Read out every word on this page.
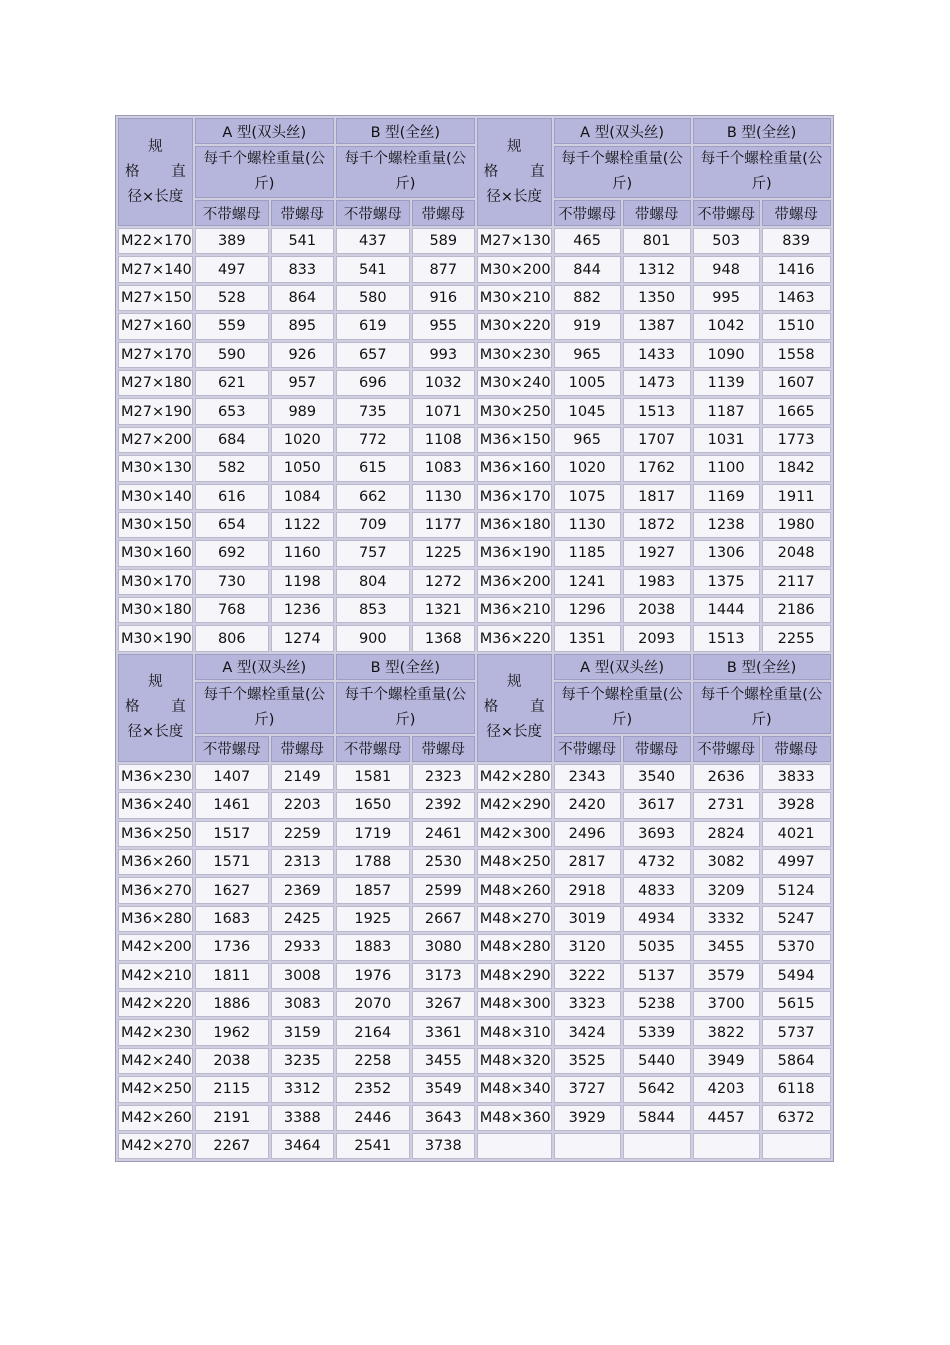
规
格 直
径×长度	A 型(双头丝)		B 型(全丝)		规
格 直
径×长度	A 型(双头丝)		B 型(全丝)	
	每千个螺栓重量(公斤)		每千个螺栓重量(公斤)			每千个螺栓重量(公斤)		每千个螺栓重量(公斤)	
	不带螺母	带螺母	不带螺母	带螺母		不带螺母	带螺母	不带螺母	带螺母
M22×170	389	541	437	589	M27×130	465	801	503	839
M27×140	497	833	541	877	M30×200	844	1312	948	1416
M27×150	528	864	580	916	M30×210	882	1350	995	1463
M27×160	559	895	619	955	M30×220	919	1387	1042	1510
M27×170	590	926	657	993	M30×230	965	1433	1090	1558
M27×180	621	957	696	1032	M30×240	1005	1473	1139	1607
M27×190	653	989	735	1071	M30×250	1045	1513	1187	1665
M27×200	684	1020	772	1108	M36×150	965	1707	1031	1773
M30×130	582	1050	615	1083	M36×160	1020	1762	1100	1842
M30×140	616	1084	662	1130	M36×170	1075	1817	1169	1911
M30×150	654	1122	709	1177	M36×180	1130	1872	1238	1980
M30×160	692	1160	757	1225	M36×190	1185	1927	1306	2048
M30×170	730	1198	804	1272	M36×200	1241	1983	1375	2117
M30×180	768	1236	853	1321	M36×210	1296	2038	1444	2186
M30×190	806	1274	900	1368	M36×220	1351	2093	1513	2255

规
格 直
径×长度	A 型(双头丝)		B 型(全丝)		规
格 直
径×长度	A 型(双头丝)		B 型(全丝)	
	每千个螺栓重量(公斤)		每千个螺栓重量(公斤)			每千个螺栓重量(公斤)		每千个螺栓重量(公斤)	
	不带螺母	带螺母	不带螺母	带螺母		不带螺母	带螺母	不带螺母	带螺母
M36×230	1407	2149	1581	2323	M42×280	2343	3540	2636	3833
M36×240	1461	2203	1650	2392	M42×290	2420	3617	2731	3928
M36×250	1517	2259	1719	2461	M42×300	2496	3693	2824	4021
M36×260	1571	2313	1788	2530	M48×250	2817	4732	3082	4997
M36×270	1627	2369	1857	2599	M48×260	2918	4833	3209	5124
M36×280	1683	2425	1925	2667	M48×270	3019	4934	3332	5247
M42×200	1736	2933	1883	3080	M48×280	3120	5035	3455	5370
M42×210	1811	3008	1976	3173	M48×290	3222	5137	3579	5494
M42×220	1886	3083	2070	3267	M48×300	3323	5238	3700	5615
M42×230	1962	3159	2164	3361	M48×310	3424	5339	3822	5737
M42×240	2038	3235	2258	3455	M48×320	3525	5440	3949	5864
M42×250	2115	3312	2352	3549	M48×340	3727	5642	4203	6118
M42×260	2191	3388	2446	3643	M48×360	3929	5844	4457	6372
M42×270	2267	3464	2541	3738					
